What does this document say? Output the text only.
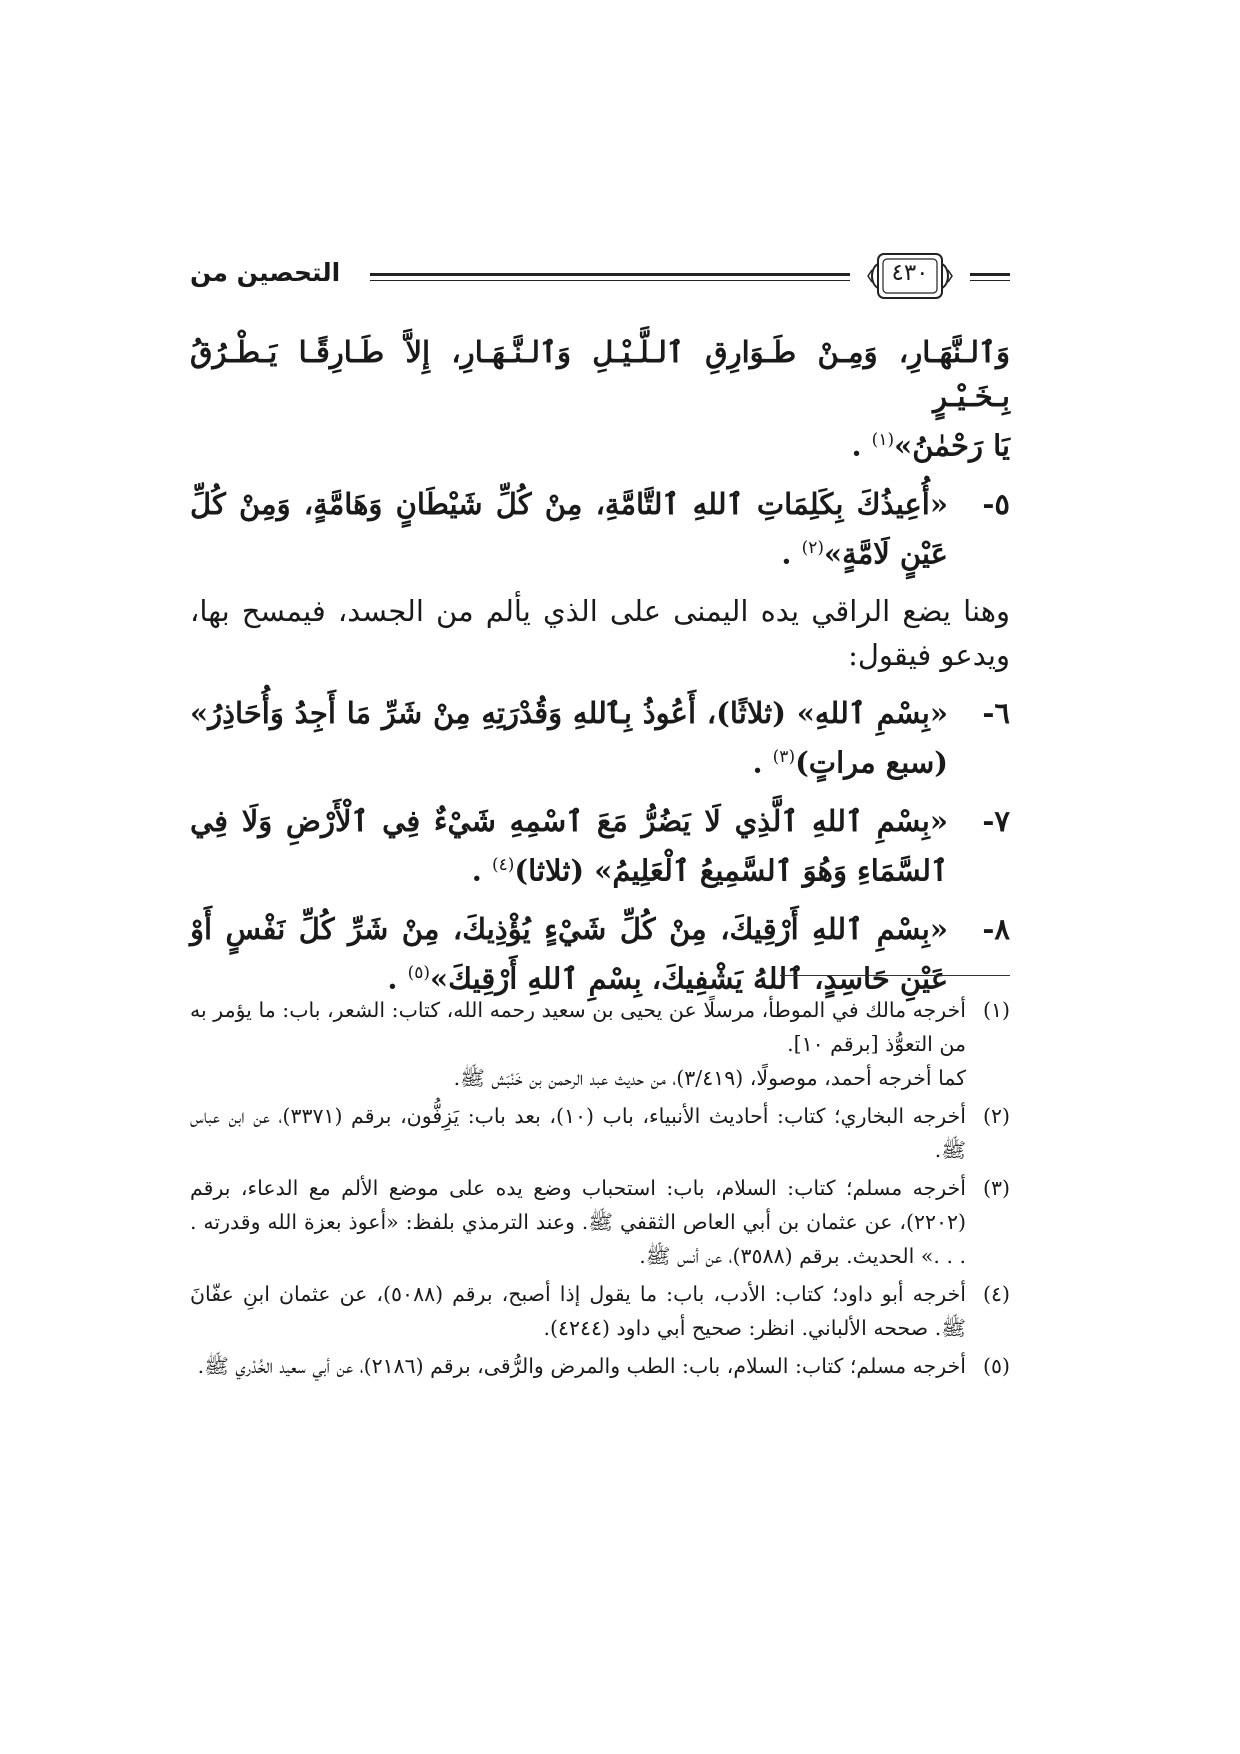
التحصين من	٤٣٠

وَٱلـنَّهَـارِ، وَمِـنْ طَـوَارِقِ ٱلـلَّـيْـلِ وَٱلـنَّـهَـارِ، إِلاَّ طَـارِقًـا يَـطْـرُقُ بِـخَـيْـرٍ
يَا رَحْمٰنُ»$^{(١)}$ .

٥-
«أُعِيذُكَ بِكَلِمَاتِ ٱللهِ ٱلتَّامَّةِ، مِنْ كُلِّ شَيْطَانٍ وَهَامَّةٍ، وَمِنْ كُلِّ عَيْنٍ لَامَّةٍ»$^{(٢)}$ .

وهنا يضع الراقي يده اليمنى على الذي يألم من الجسد، فيمسح بها، ويدعو فيقول:

٦-
«بِسْمِ ٱللهِ» (ثلاثًا)، أَعُوذُ بِٱللهِ وَقُدْرَتِهِ مِنْ شَرِّ مَا أَجِدُ وَأُحَاذِرُ» (سبع مراتٍ)$^{(٣)}$ .
٧-
«بِسْمِ ٱللهِ ٱلَّذِي لَا يَضُرُّ مَعَ ٱسْمِهِ شَيْءٌ فِي ٱلْأَرْضِ وَلَا فِي ٱلسَّمَاءِ وَهُوَ ٱلسَّمِيعُ ٱلْعَلِيمُ» (ثلاثا)$^{(٤)}$ .
٨-
«بِسْمِ ٱللهِ أَرْقِيكَ، مِنْ كُلِّ شَيْءٍ يُؤْذِيكَ، مِنْ شَرِّ كُلِّ نَفْسٍ أَوْ عَيْنِ حَاسِدٍ، ٱللهُ يَشْفِيكَ، بِسْمِ ٱللهِ أَرْقِيكَ»$^{(٥)}$ .
(١)
أخرجه مالك في الموطأ، مرسلًا عن يحيى بن سعيد رحمه الله، كتاب: الشعر، باب: ما يؤمر به من التعوُّذ [برقم ١٠].
كما أخرجه أحمد، موصولًا، (٣/٤١٩)، من حديث عبد الرحمن بن خَنْبَش ﷺ.
(٢)
أخرجه البخاري؛ كتاب: أحاديث الأنبياء، باب (١٠)، بعد باب: يَزِفُّون، برقم (٣٣٧١)، عن ابن عباس ﷺ.
(٣)
أخرجه مسلم؛ كتاب: السلام، باب: استحباب وضع يده على موضع الألم مع الدعاء، برقم (٢٢٠٢)، عن عثمان بن أبي العاص الثقفي ﷺ. وعند الترمذي بلفظ: «أعوذ بعزة الله وقدرته . . . .» الحديث. برقم (٣٥٨٨)، عن أنس ﷺ.
(٤)
أخرجه أبو داود؛ كتاب: الأدب، باب: ما يقول إذا أصبح، برقم (٥٠٨٨)، عن عثمان ابنِ عفّانَ ﷺ. صححه الألباني. انظر: صحيح أبي داود (٤٢٤٤).
(٥)
أخرجه مسلم؛ كتاب: السلام، باب: الطب والمرض والرُّقى، برقم (٢١٨٦)، عن أبي سعيد الخُدْري ﷺ.
